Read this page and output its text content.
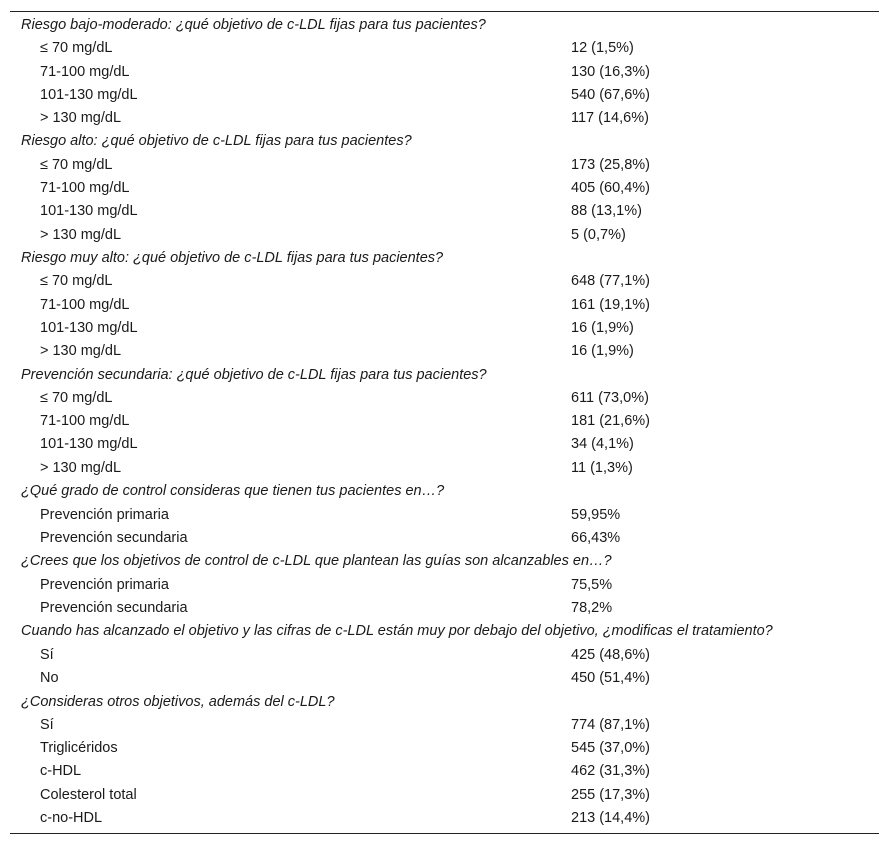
Riesgo bajo-moderado: ¿qué objetivo de c-LDL fijas para tus pacientes?
≤ 70 mg/dL	12 (1,5%)
71-100 mg/dL	130 (16,3%)
101-130 mg/dL	540 (67,6%)
> 130 mg/dL	117 (14,6%)
Riesgo alto: ¿qué objetivo de c-LDL fijas para tus pacientes?
≤ 70 mg/dL	173 (25,8%)
71-100 mg/dL	405 (60,4%)
101-130 mg/dL	88 (13,1%)
> 130 mg/dL	5 (0,7%)
Riesgo muy alto: ¿qué objetivo de c-LDL fijas para tus pacientes?
≤ 70 mg/dL	648 (77,1%)
71-100 mg/dL	161 (19,1%)
101-130 mg/dL	16 (1,9%)
> 130 mg/dL	16 (1,9%)
Prevención secundaria: ¿qué objetivo de c-LDL fijas para tus pacientes?
≤ 70 mg/dL	611 (73,0%)
71-100 mg/dL	181 (21,6%)
101-130 mg/dL	34 (4,1%)
> 130 mg/dL	11 (1,3%)
¿Qué grado de control consideras que tienen tus pacientes en…?
Prevención primaria	59,95%
Prevención secundaria	66,43%
¿Crees que los objetivos de control de c-LDL que plantean las guías son alcanzables en…?
Prevención primaria	75,5%
Prevención secundaria	78,2%
Cuando has alcanzado el objetivo y las cifras de c-LDL están muy por debajo del objetivo, ¿modificas el tratamiento?
Sí	425 (48,6%)
No	450 (51,4%)
¿Consideras otros objetivos, además del c-LDL?
Sí	774 (87,1%)
Triglicéridos	545 (37,0%)
c-HDL	462 (31,3%)
Colesterol total	255 (17,3%)
c-no-HDL	213 (14,4%)
